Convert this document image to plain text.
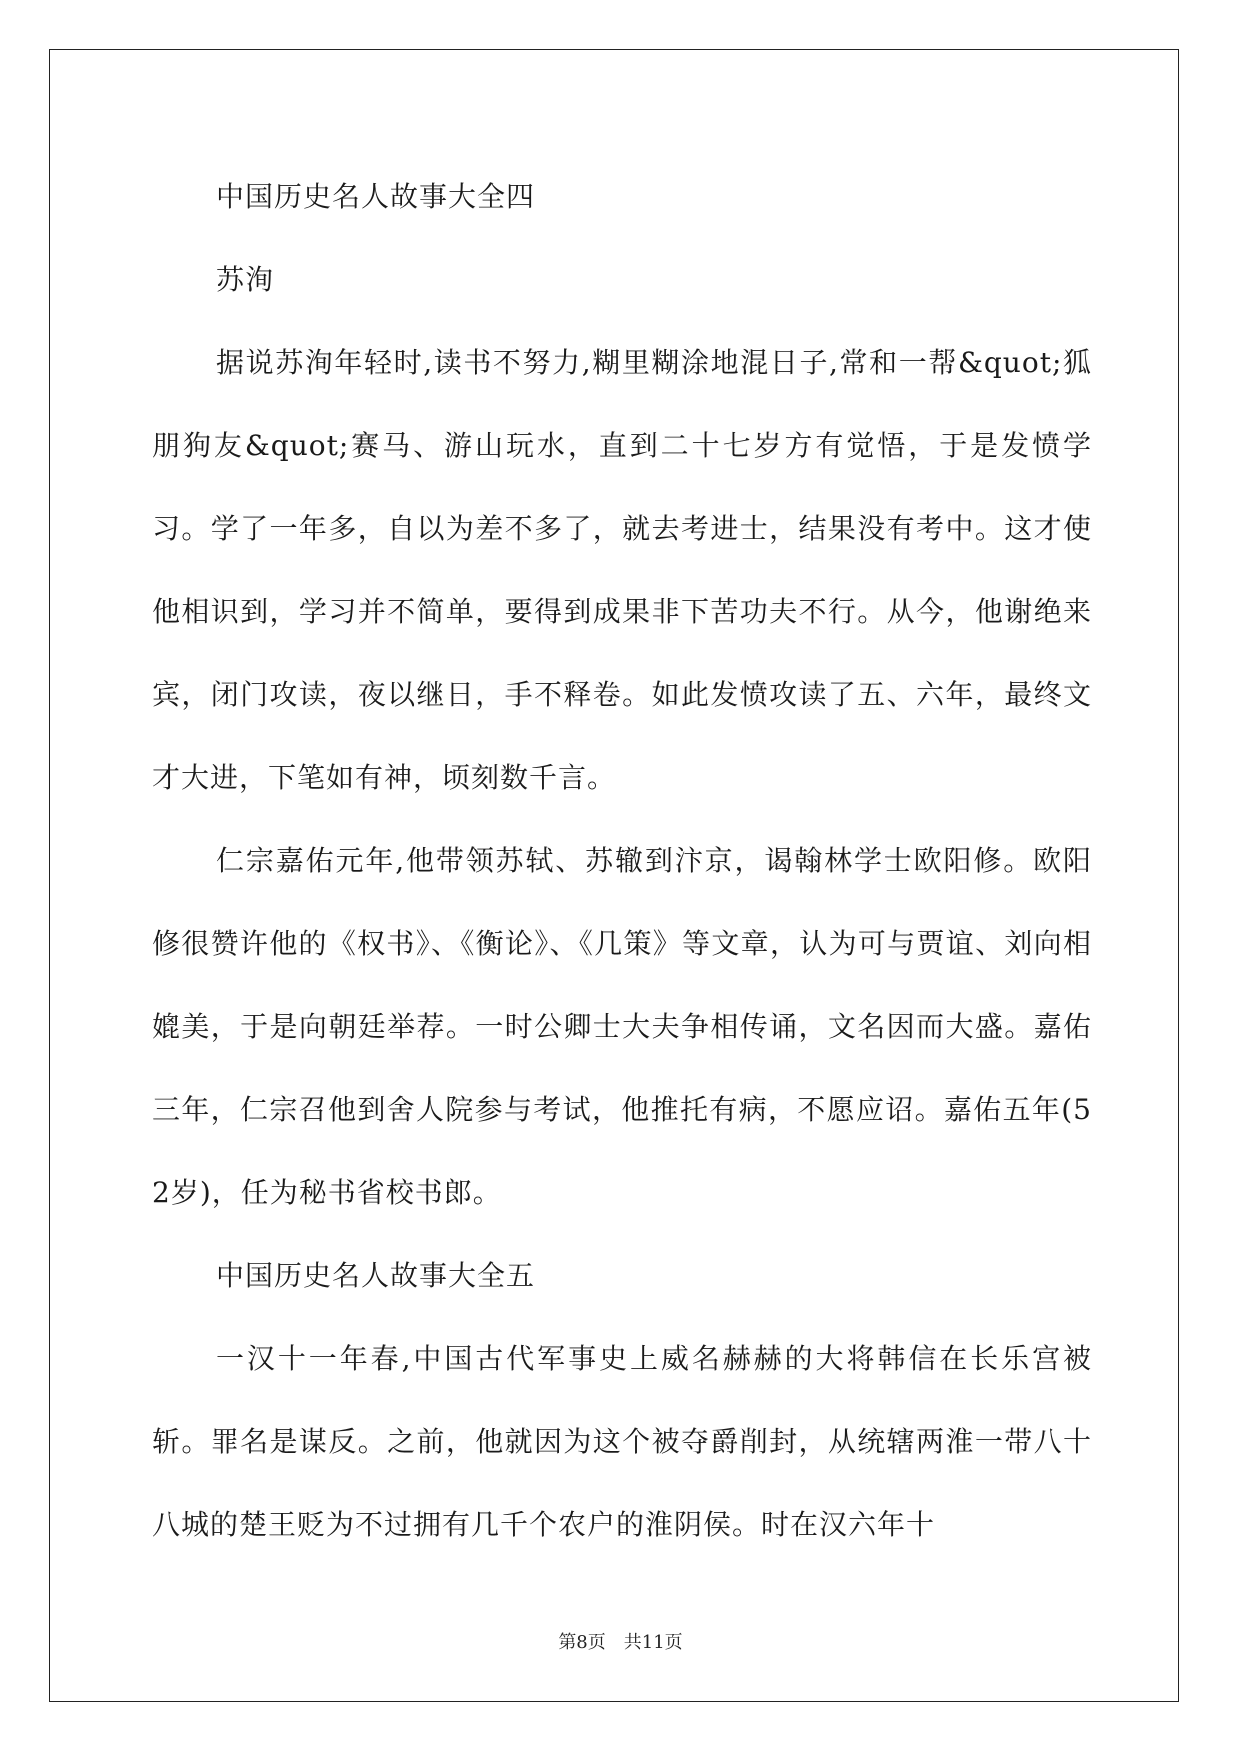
中国历史名人故事大全四

苏洵

据说苏洵年轻时,读书不努力,糊里糊涂地混日子,常和一帮&quot;狐朋狗友&quot;赛马、游山玩水，直到二十七岁方有觉悟，于是发愤学习。学了一年多，自以为差不多了，就去考进士，结果没有考中。这才使他相识到，学习并不简单，要得到成果非下苦功夫不行。从今，他谢绝来宾，闭门攻读，夜以继日，手不释卷。如此发愤攻读了五、六年，最终文才大进，下笔如有神，顷刻数千言。

仁宗嘉佑元年,他带领苏轼、苏辙到汴京，谒翰林学士欧阳修。欧阳修很赞许他的《权书》、《衡论》、《几策》等文章，认为可与贾谊、刘向相媲美，于是向朝廷举荐。一时公卿士大夫争相传诵，文名因而大盛。嘉佑三年，仁宗召他到舍人院参与考试，他推托有病，不愿应诏。嘉佑五年(52岁)，任为秘书省校书郎。

中国历史名人故事大全五

一汉十一年春,中国古代军事史上威名赫赫的大将韩信在长乐宫被斩。罪名是谋反。之前，他就因为这个被夺爵削封，从统辖两淮一带八十八城的楚王贬为不过拥有几千个农户的淮阴侯。时在汉六年十

第8页 共11页
